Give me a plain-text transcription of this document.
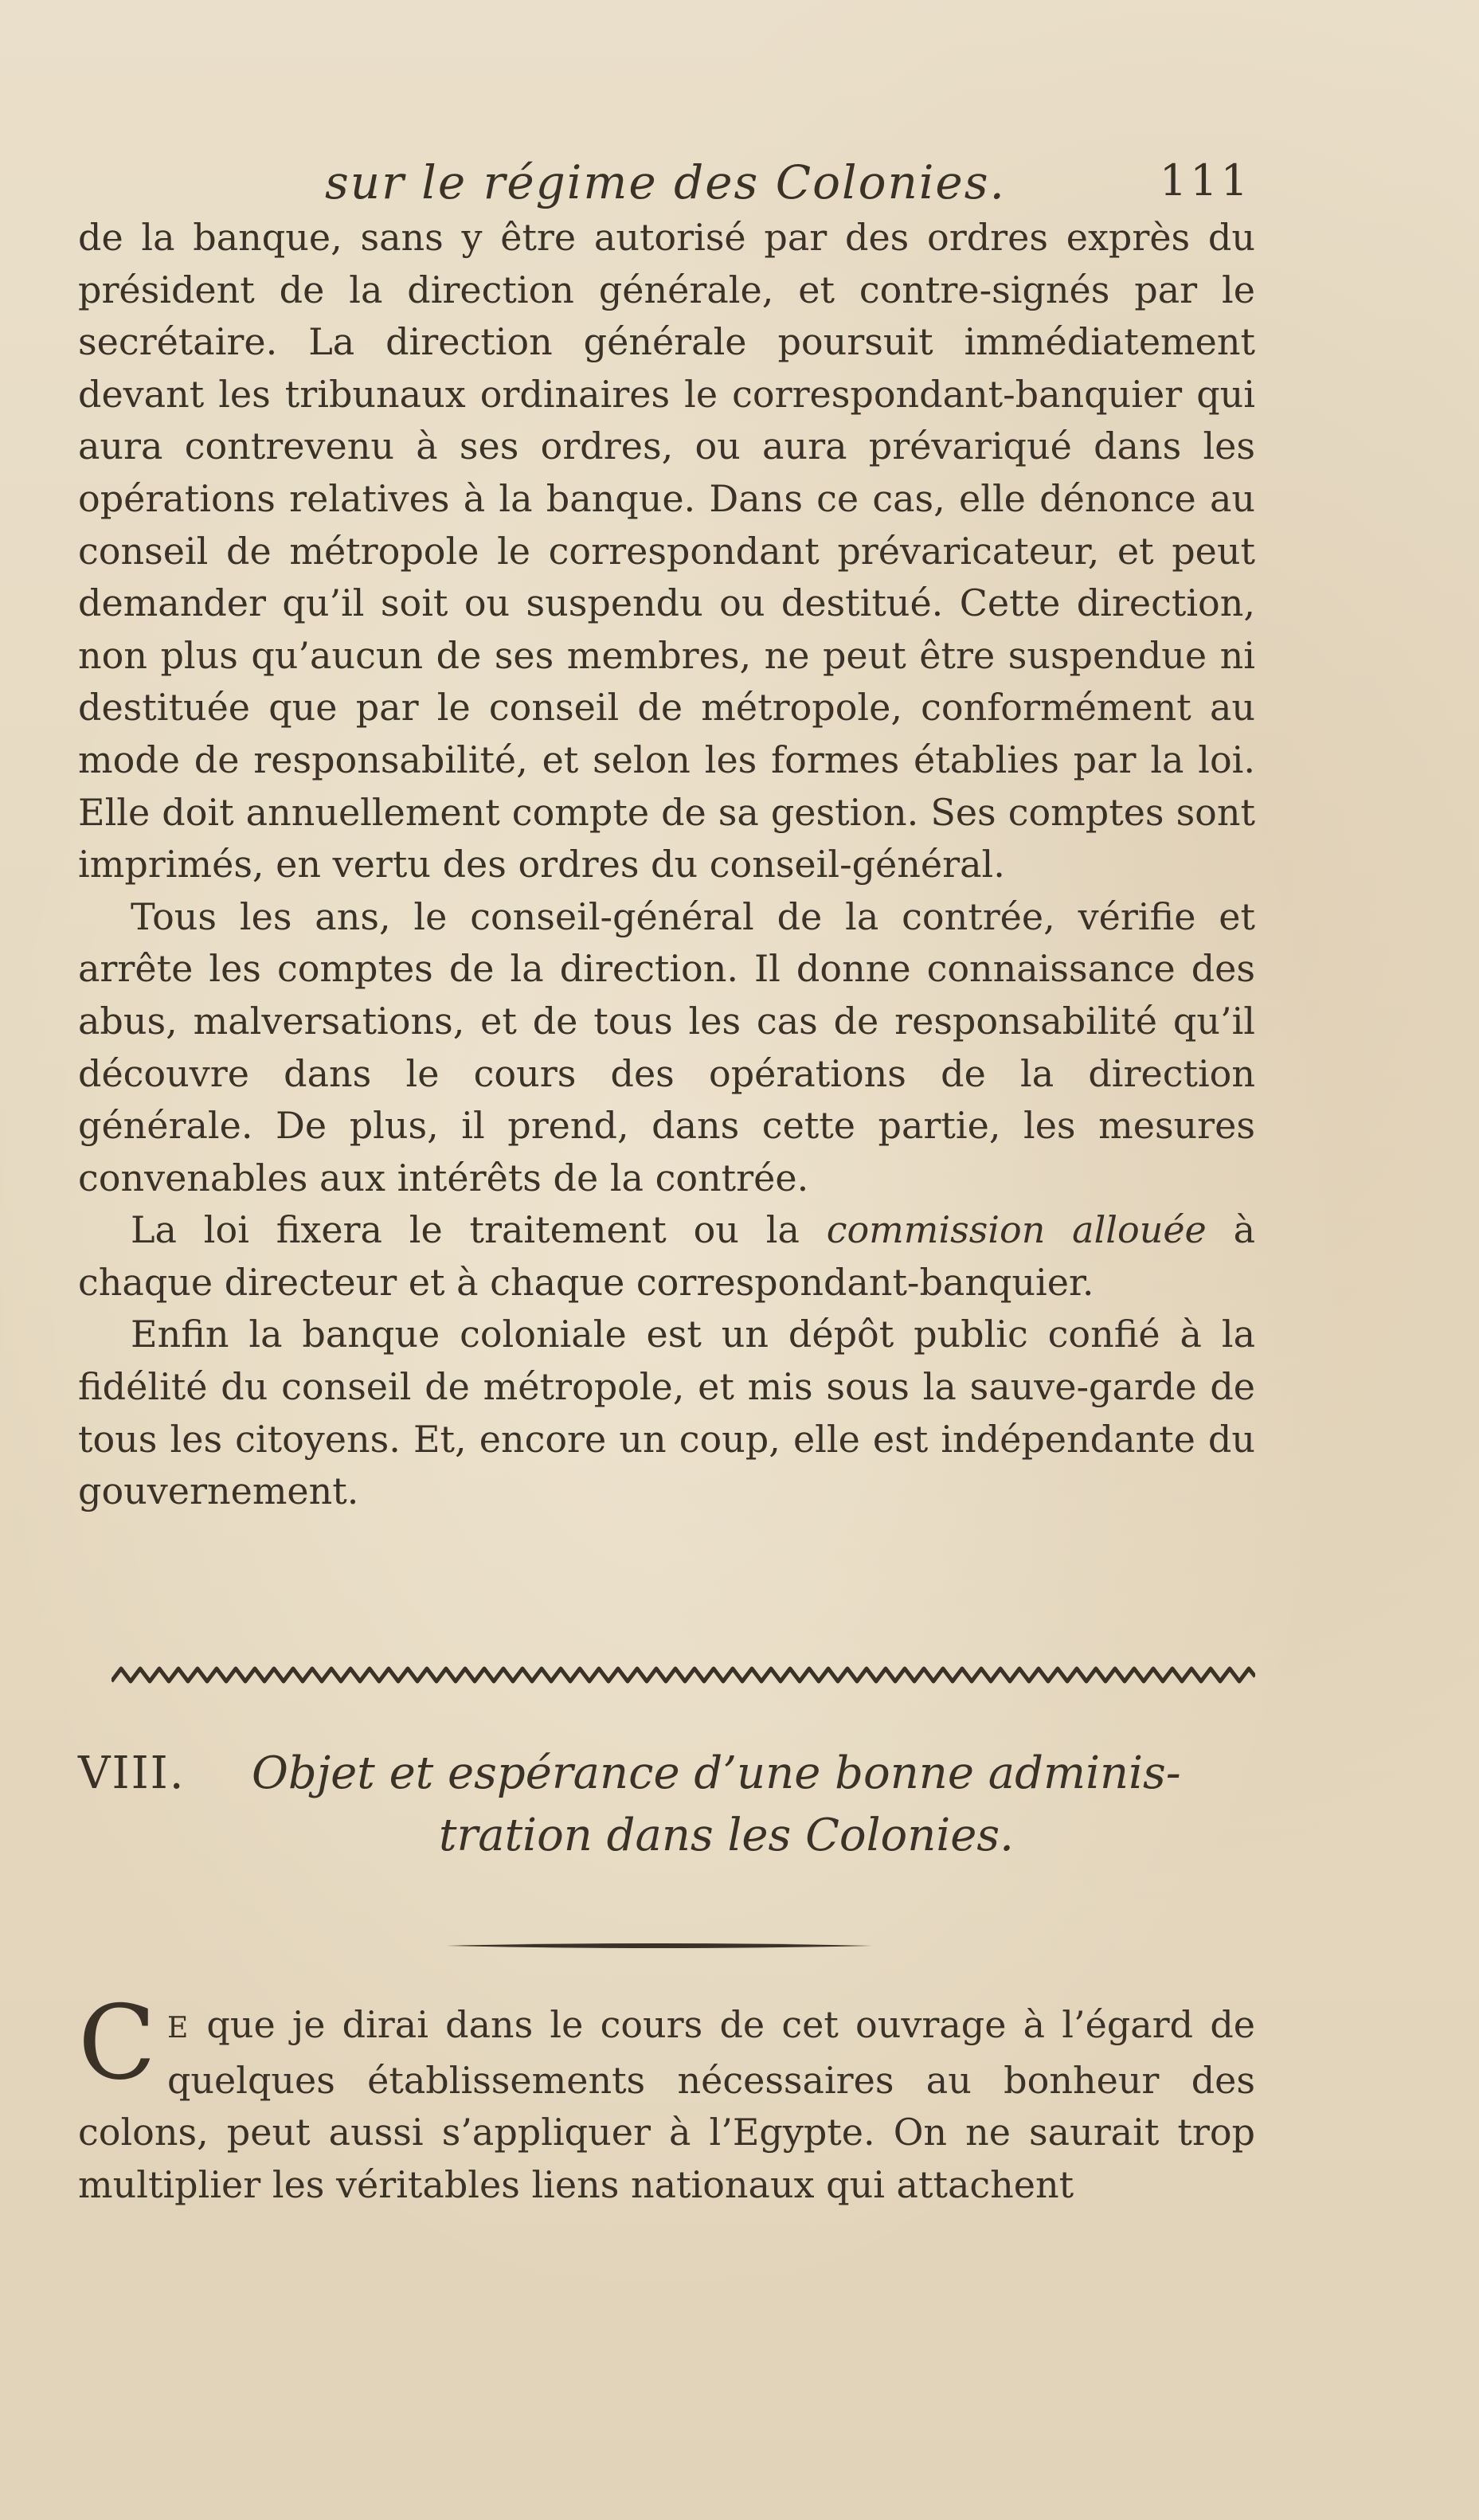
sur le régime des Colonies.	111

de la banque, sans y être autorisé par des ordres exprès du président de la direction générale, et contre-signés par le secrétaire. La direction générale poursuit immédiatement devant les tribunaux ordinaires le correspondant-banquier qui aura contrevenu à ses ordres, ou aura prévariqué dans les opérations relatives à la banque. Dans ce cas, elle dénonce au conseil de métropole le correspondant prévaricateur, et peut demander qu’il soit ou suspendu ou destitué. Cette direction, non plus qu’aucun de ses membres, ne peut être suspendue ni destituée que par le conseil de métropole, conformément au mode de responsabilité, et selon les formes établies par la loi. Elle doit annuellement compte de sa gestion. Ses comptes sont imprimés, en vertu des ordres du conseil-général.

Tous les ans, le conseil-général de la contrée, vérifie et arrête les comptes de la direction. Il donne connaissance des abus, malversations, et de tous les cas de responsabilité qu’il découvre dans le cours des opérations de la direction générale. De plus, il prend, dans cette partie, les mesures convenables aux intérêts de la contrée.

La loi fixera le traitement ou la commission allouée à chaque directeur et à chaque correspondant-banquier.

Enfin la banque coloniale est un dépôt public confié à la fidélité du conseil de métropole, et mis sous la sauve-garde de tous les citoyens. Et, encore un coup, elle est indépendante du gouvernement.

VIII. Objet et espérance d’une bonne adminis-
tration dans les Colonies.
C E que je dirai dans le cours de cet ouvrage à l’égard de quelques établissements nécessaires au bonheur des colons, peut aussi s’appliquer à l’Egypte. On ne saurait trop multiplier les véritables liens nationaux qui attachent
